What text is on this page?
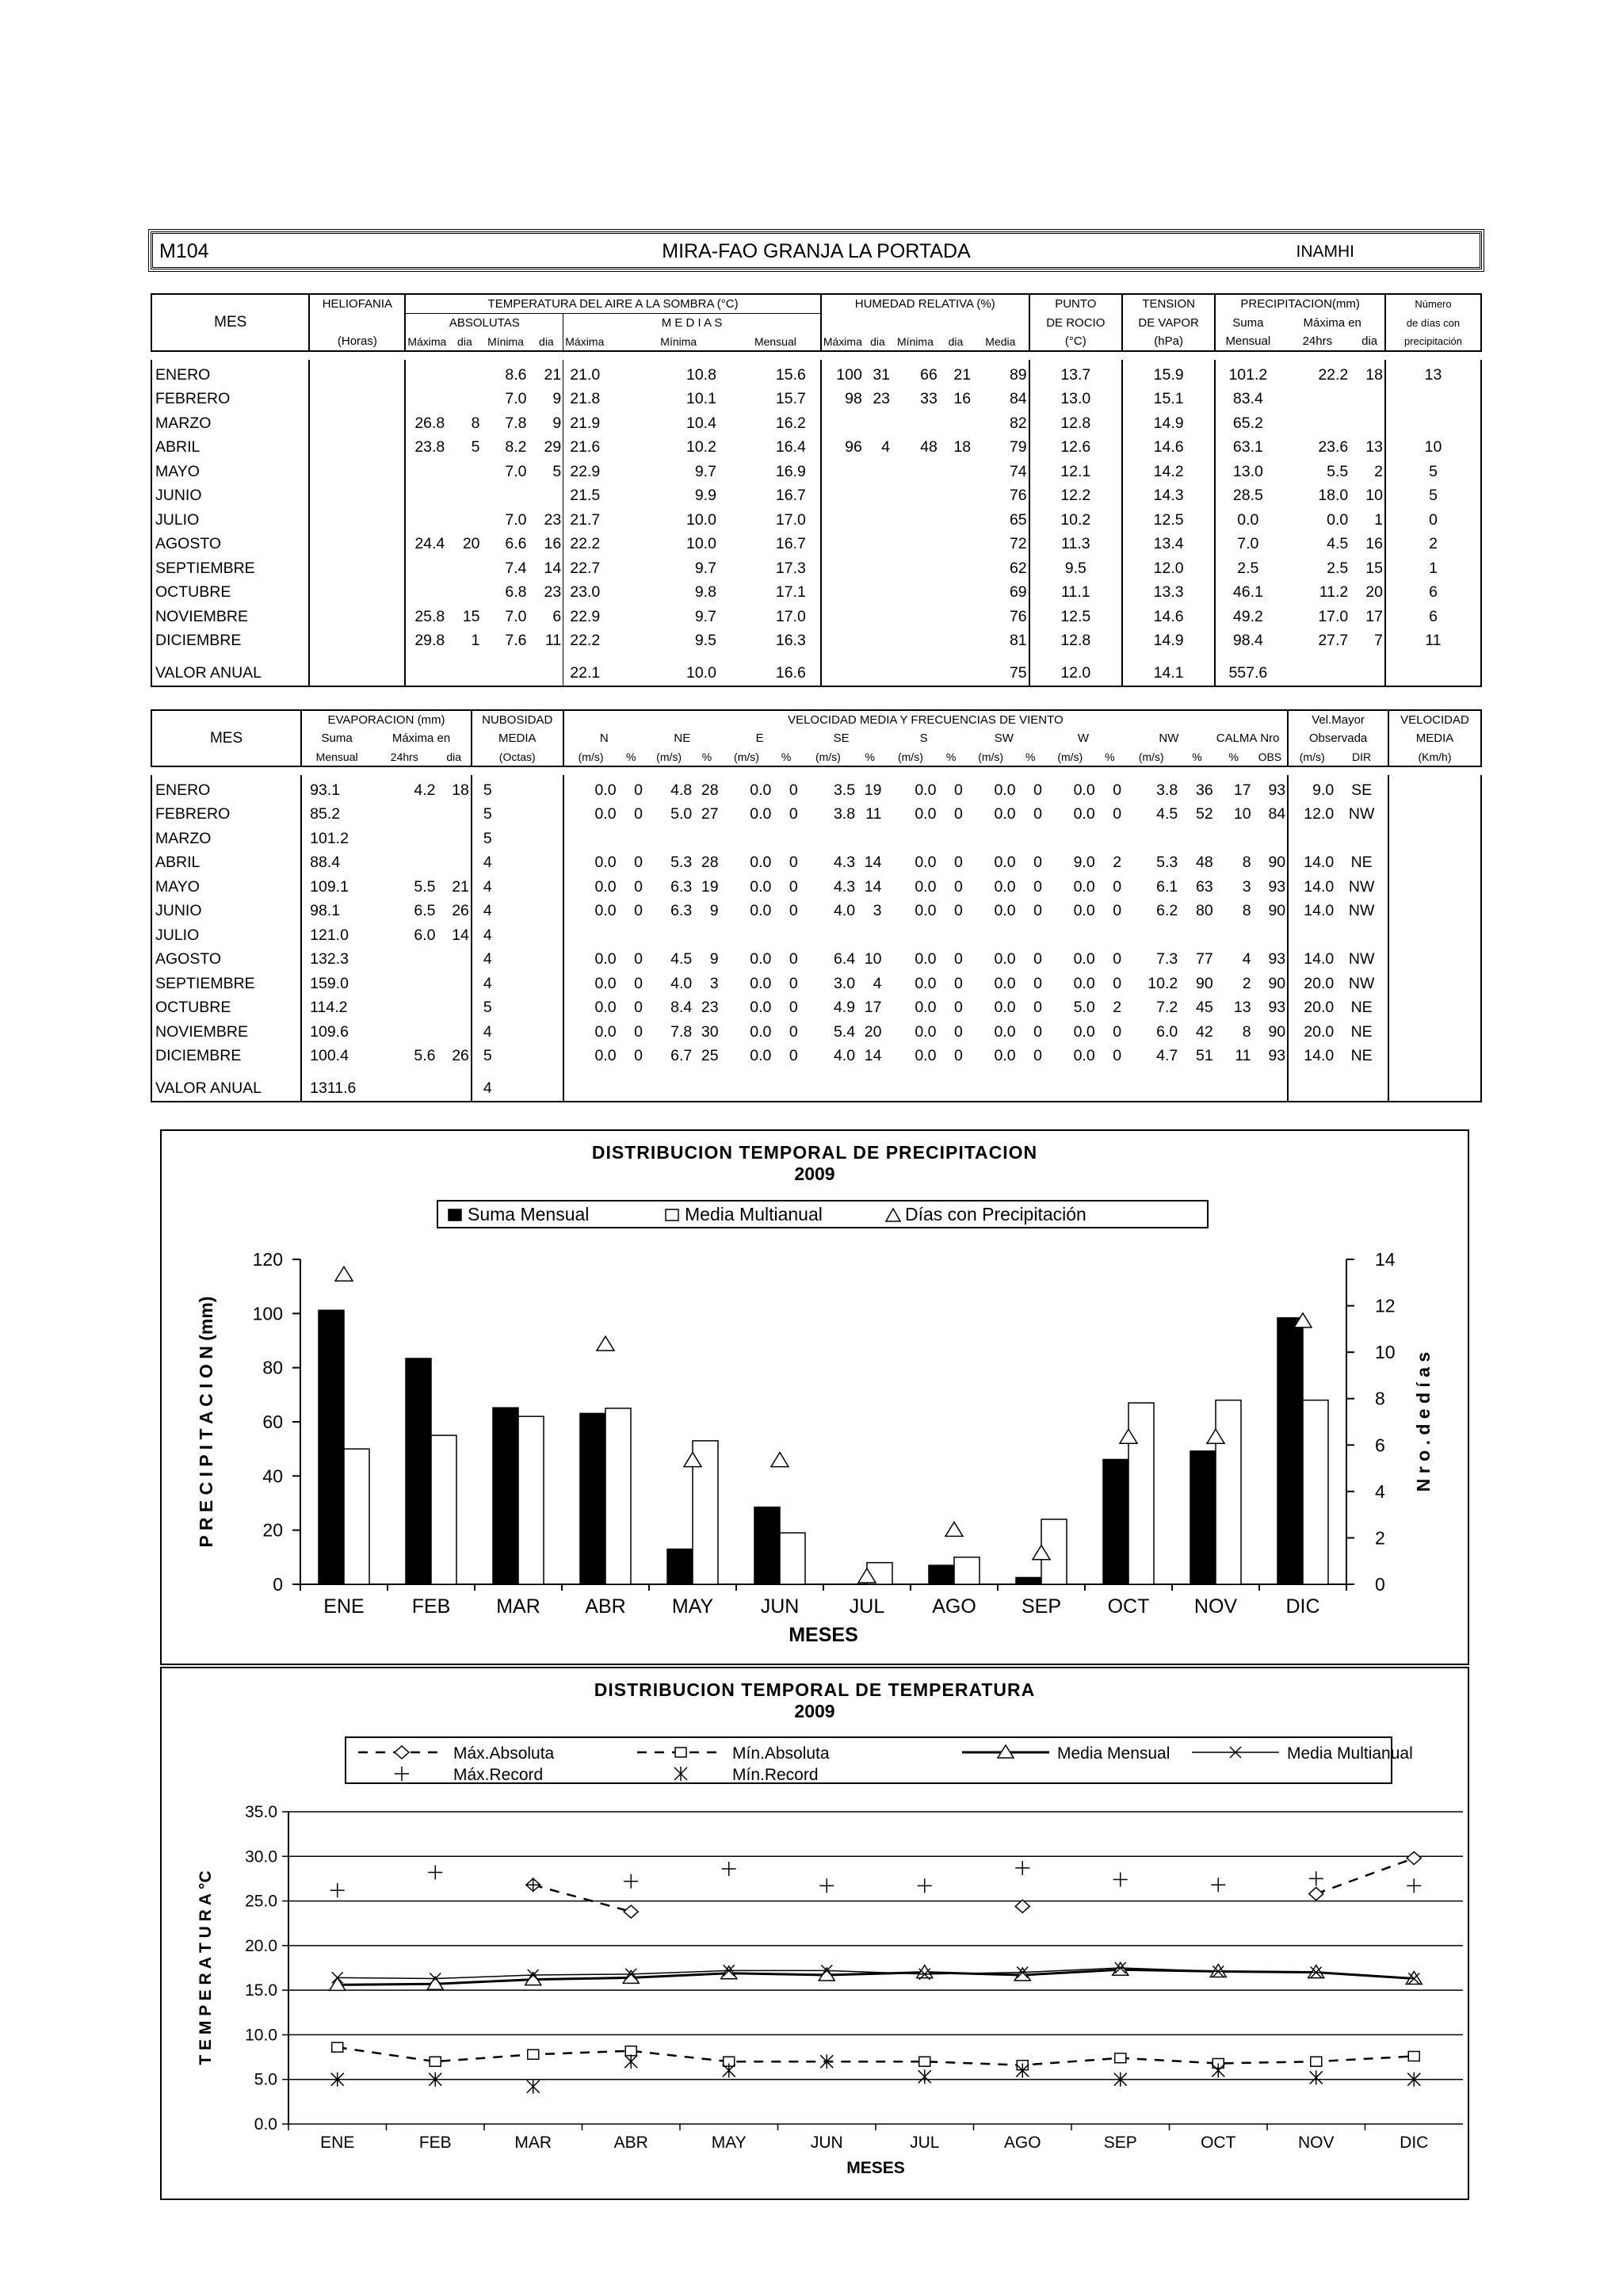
M104	MIRA-FAO GRANJA LA PORTADA	INAMHI
	HELIOFANIA	TEMPERATURA DEL AIRE A LA SOMBRA (°C)							HUMEDAD RELATIVA (%)					PUNTO	TENSION	PRECIPITACION(mm)			Número
MES		ABSOLUTAS				M E D I A S								DE ROCIO	DE VAPOR	Suma	Máxima en		de días con
	(Horas)	Máxima	dia	Mínima	dia	Máxima	Mínima	Mensual	Máxima	dia	Mínima	dia	Media	(°C)	(hPa)	Mensual	24hrs	dia	precipitación

ENERO				8.6	21	21.0	10.8	15.6	100	31	66	21	89	13.7	15.9	101.2	22.2	18	13
FEBRERO				7.0	9	21.8	10.1	15.7	98	23	33	16	84	13.0	15.1	83.4			
MARZO		26.8	8	7.8	9	21.9	10.4	16.2					82	12.8	14.9	65.2			
ABRIL		23.8	5	8.2	29	21.6	10.2	16.4	96	4	48	18	79	12.6	14.6	63.1	23.6	13	10
MAYO				7.0	5	22.9	9.7	16.9					74	12.1	14.2	13.0	5.5	2	5
JUNIO						21.5	9.9	16.7					76	12.2	14.3	28.5	18.0	10	5
JULIO				7.0	23	21.7	10.0	17.0					65	10.2	12.5	0.0	0.0	1	0
AGOSTO		24.4	20	6.6	16	22.2	10.0	16.7					72	11.3	13.4	7.0	4.5	16	2
SEPTIEMBRE				7.4	14	22.7	9.7	17.3					62	9.5	12.0	2.5	2.5	15	1
OCTUBRE				6.8	23	23.0	9.8	17.1					69	11.1	13.3	46.1	11.2	20	6
NOVIEMBRE		25.8	15	7.0	6	22.9	9.7	17.0					76	12.5	14.6	49.2	17.0	17	6
DICIEMBRE		29.8	1	7.6	11	22.2	9.5	16.3					81	12.8	14.9	98.4	27.7	7	11

VALOR ANUAL						22.1	10.0	16.6					75	12.0	14.1	557.6			
	EVAPORACION (mm)			NUBOSIDAD	VELOCIDAD MEDIA Y FRECUENCIAS DE VIENTO																		Vel.Mayor		VELOCIDAD
MES	Suma	Máxima en		MEDIA	N		NE		E		SE		S		SW		W		NW		CALMA	Nro	Observada		MEDIA
	Mensual	24hrs	dia	(Octas)	(m/s)	%	(m/s)	%	(m/s)	%	(m/s)	%	(m/s)	%	(m/s)	%	(m/s)	%	(m/s)	%	%	OBS	(m/s)	DIR	(Km/h)

ENERO	93.1	4.2	18	5	0.0	0	4.8	28	0.0	0	3.5	19	0.0	0	0.0	0	0.0	0	3.8	36	17	93	9.0	SE	
FEBRERO	85.2			5	0.0	0	5.0	27	0.0	0	3.8	11	0.0	0	0.0	0	0.0	0	4.5	52	10	84	12.0	NW	
MARZO	101.2			5																					
ABRIL	88.4			4	0.0	0	5.3	28	0.0	0	4.3	14	0.0	0	0.0	0	9.0	2	5.3	48	8	90	14.0	NE	
MAYO	109.1	5.5	21	4	0.0	0	6.3	19	0.0	0	4.3	14	0.0	0	0.0	0	0.0	0	6.1	63	3	93	14.0	NW	
JUNIO	98.1	6.5	26	4	0.0	0	6.3	9	0.0	0	4.0	3	0.0	0	0.0	0	0.0	0	6.2	80	8	90	14.0	NW	
JULIO	121.0	6.0	14	4																					
AGOSTO	132.3			4	0.0	0	4.5	9	0.0	0	6.4	10	0.0	0	0.0	0	0.0	0	7.3	77	4	93	14.0	NW	
SEPTIEMBRE	159.0			4	0.0	0	4.0	3	0.0	0	3.0	4	0.0	0	0.0	0	0.0	0	10.2	90	2	90	20.0	NW	
OCTUBRE	114.2			5	0.0	0	8.4	23	0.0	0	4.9	17	0.0	0	0.0	0	5.0	2	7.2	45	13	93	20.0	NE	
NOVIEMBRE	109.6			4	0.0	0	7.8	30	0.0	0	5.4	20	0.0	0	0.0	0	0.0	0	6.0	42	8	90	20.0	NE	
DICIEMBRE	100.4	5.6	26	5	0.0	0	6.7	25	0.0	0	4.0	14	0.0	0	0.0	0	0.0	0	4.7	51	11	93	14.0	NE	

VALOR ANUAL	1311.6			4																					
DISTRIBUCION TEMPORAL DE PRECIPITACION
2009
Suma Mensual	Media Multianual	Días con Precipitación
0
20
40
60
80
100
120
0
2
4
6
8
10
12
14
ENE FEB MAR ABR MAY JUN	JUL AGO SEP OCT NOV DIC
MESES
P R E C I P I T A C I O N (mm)	N r o . d e d í a s
DISTRIBUCION TEMPORAL DE TEMPERATURA
2009
0.0
5.0
10.0
15.0
20.0
25.0
30.0
35.0
ENE	FEB	MAR	ABR	MAY	JUN	JUL	AGO	SEP	OCT	NOV	DIC
MESES
T E M P E R A T U R A °C
Máx.Absoluta	Mín.Absoluta	Media Mensual	Media Multianual
Máx.Record	Mín.Record
